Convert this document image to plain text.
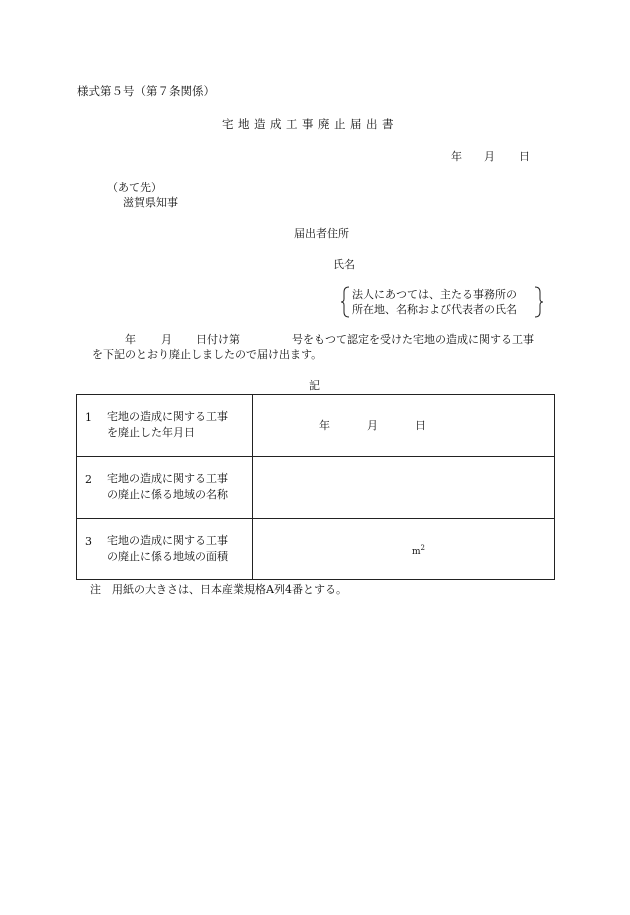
様式第５号（第７条関係）
宅地造成工事廃止届出書
年 月 日
（あて先）
滋賀県知事
届出者住所
氏名
法人にあつては、主たる事務所の
所在地、名称および代表者の氏名
年 月 日付け第	号をもつて認定を受けた宅地の造成に関する工事
を下記のとおり廃止しましたので届け出ます。
記
1 宅地の造成に関する工事
を廃止した年月日
年	月	日
2 宅地の造成に関する工事
の廃止に係る地域の名称
3 宅地の造成に関する工事
の廃止に係る地域の面積	$m^2$
注　用紙の大きさは、日本産業規格A列4番とする。
